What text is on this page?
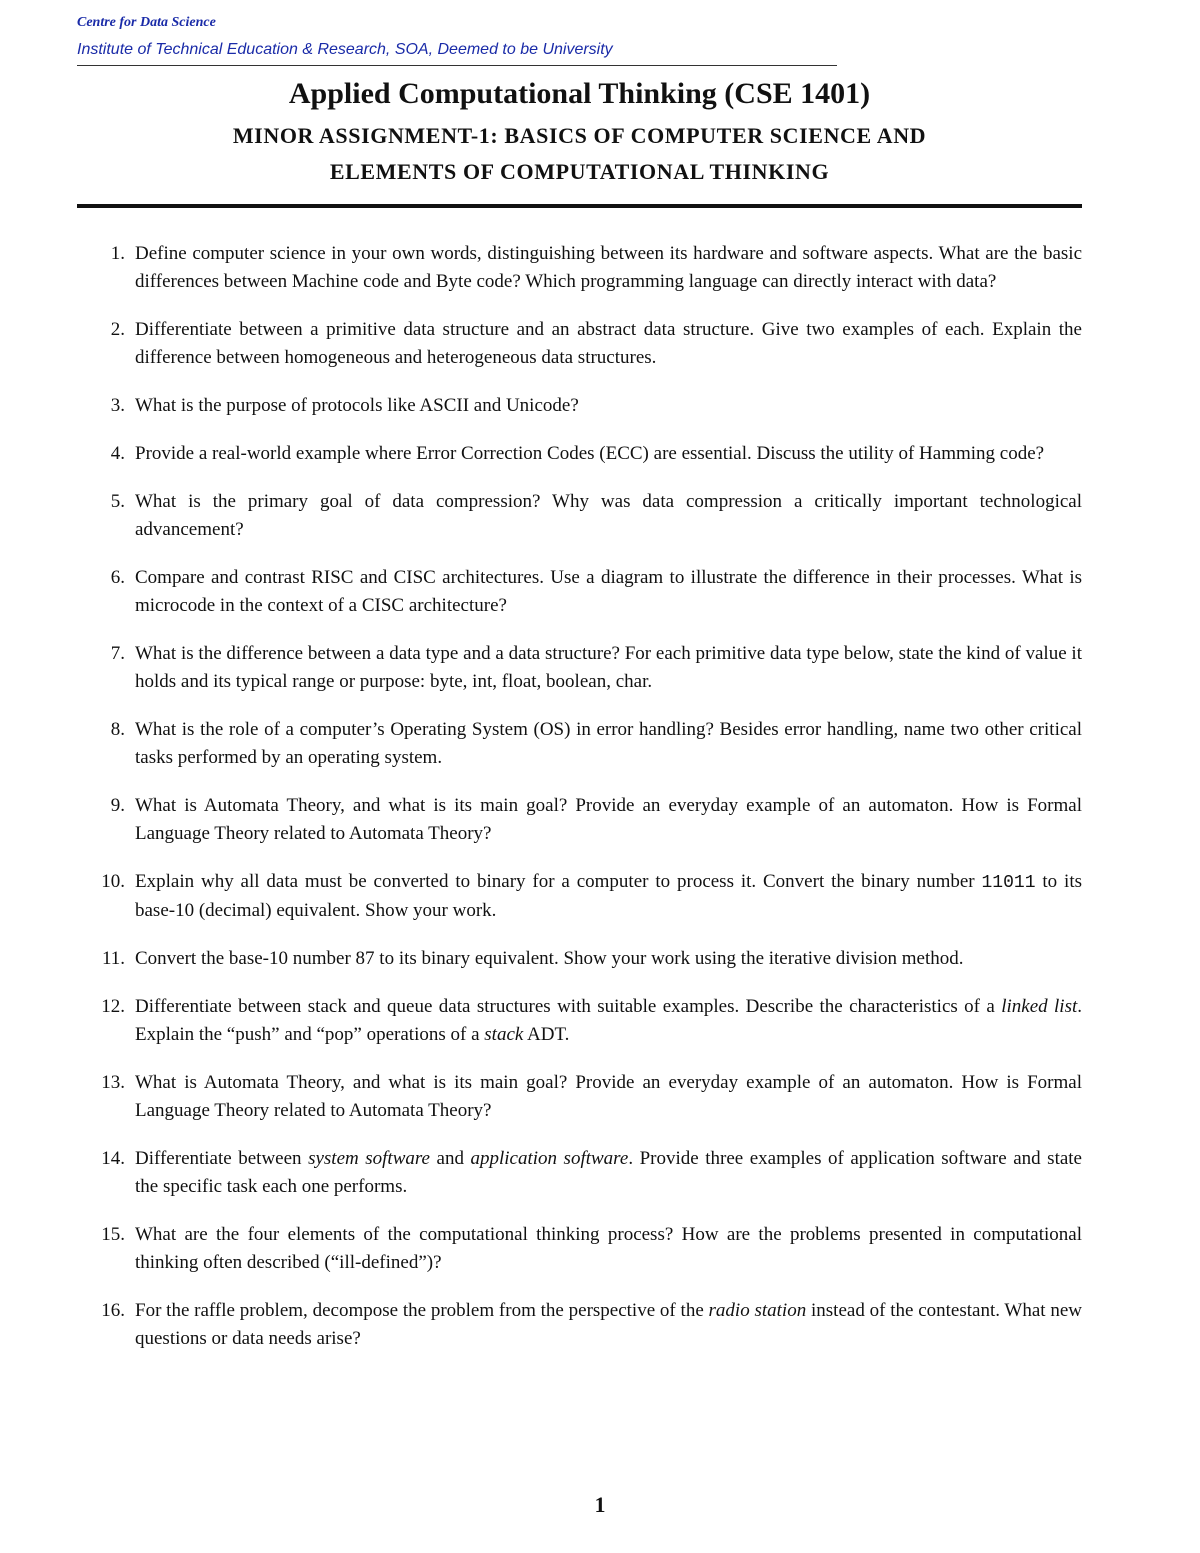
Centre for Data Science
Institute of Technical Education & Research, SOA, Deemed to be University
Applied Computational Thinking (CSE 1401)
MINOR ASSIGNMENT-1: BASICS OF COMPUTER SCIENCE AND
ELEMENTS OF COMPUTATIONAL THINKING
1. Define computer science in your own words, distinguishing between its hardware and software aspects. What are the basic differences between Machine code and Byte code? Which programming language can directly interact with data?
2. Differentiate between a primitive data structure and an abstract data structure. Give two examples of each. Explain the difference between homogeneous and heterogeneous data structures.
3. What is the purpose of protocols like ASCII and Unicode?
4. Provide a real-world example where Error Correction Codes (ECC) are essential. Discuss the utility of Hamming code?
5. What is the primary goal of data compression? Why was data compression a critically important technological advancement?
6. Compare and contrast RISC and CISC architectures. Use a diagram to illustrate the difference in their processes. What is microcode in the context of a CISC architecture?
7. What is the difference between a data type and a data structure? For each primitive data type below, state the kind of value it holds and its typical range or purpose: byte, int, float, boolean, char.
8. What is the role of a computer’s Operating System (OS) in error handling? Besides error handling, name two other critical tasks performed by an operating system.
9. What is Automata Theory, and what is its main goal? Provide an everyday example of an automaton. How is Formal Language Theory related to Automata Theory?
10. Explain why all data must be converted to binary for a computer to process it. Convert the binary number 11011 to its base-10 (decimal) equivalent. Show your work.
11. Convert the base-10 number 87 to its binary equivalent. Show your work using the iterative division method.
12. Differentiate between stack and queue data structures with suitable examples. Describe the characteristics of a linked list. Explain the “push” and “pop” operations of a stack ADT.
13. What is Automata Theory, and what is its main goal? Provide an everyday example of an automaton. How is Formal Language Theory related to Automata Theory?
14. Differentiate between system software and application software. Provide three examples of application software and state the specific task each one performs.
15. What are the four elements of the computational thinking process? How are the problems presented in computational thinking often described (“ill-defined”)?
16. For the raffle problem, decompose the problem from the perspective of the radio station instead of the contestant. What new questions or data needs arise?
1
